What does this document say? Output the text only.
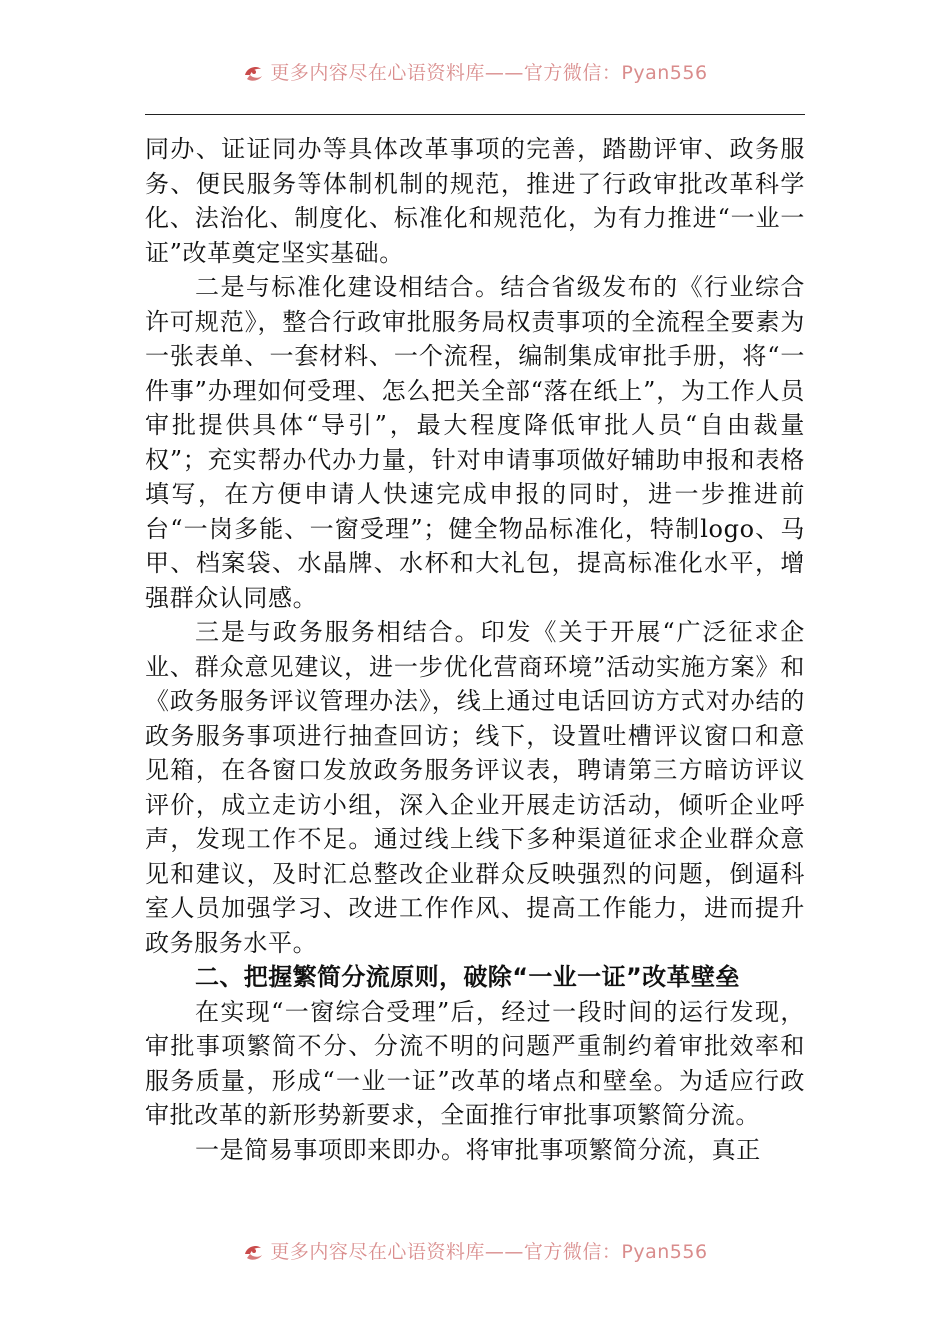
更多内容尽在心语资料库——官方微信：Pyan556

同办、证证同办等具体改革事项的完善，踏勘评审、政务服务、便民服务等体制机制的规范，推进了行政审批改革科学化、法治化、制度化、标准化和规范化，为有力推进“一业一证”改革奠定坚实基础。

二是与标准化建设相结合。结合省级发布的《行业综合许可规范》，整合行政审批服务局权责事项的全流程全要素为一张表单、一套材料、一个流程，编制集成审批手册，将“一件事”办理如何受理、怎么把关全部“落在纸上”，为工作人员审批提供具体“导引”，最大程度降低审批人员“自由裁量权”；充实帮办代办力量，针对申请事项做好辅助申报和表格填写，在方便申请人快速完成申报的同时，进一步推进前台“一岗多能、一窗受理”；健全物品标准化，特制logo、马甲、档案袋、水晶牌、水杯和大礼包，提高标准化水平，增强群众认同感。

三是与政务服务相结合。印发《关于开展“广泛征求企业、群众意见建议，进一步优化营商环境”活动实施方案》和《政务服务评议管理办法》，线上通过电话回访方式对办结的政务服务事项进行抽查回访；线下，设置吐槽评议窗口和意见箱，在各窗口发放政务服务评议表，聘请第三方暗访评议评价，成立走访小组，深入企业开展走访活动，倾听企业呼声，发现工作不足。通过线上线下多种渠道征求企业群众意见和建议，及时汇总整改企业群众反映强烈的问题，倒逼科室人员加强学习、改进工作作风、提高工作能力，进而提升政务服务水平。

二、把握繁简分流原则，破除“一业一证”改革壁垒

在实现“一窗综合受理”后，经过一段时间的运行发现，审批事项繁简不分、分流不明的问题严重制约着审批效率和服务质量，形成“一业一证”改革的堵点和壁垒。为适应行政审批改革的新形势新要求，全面推行审批事项繁简分流。

一是简易事项即来即办。将审批事项繁简分流，真正

更多内容尽在心语资料库——官方微信：Pyan556
